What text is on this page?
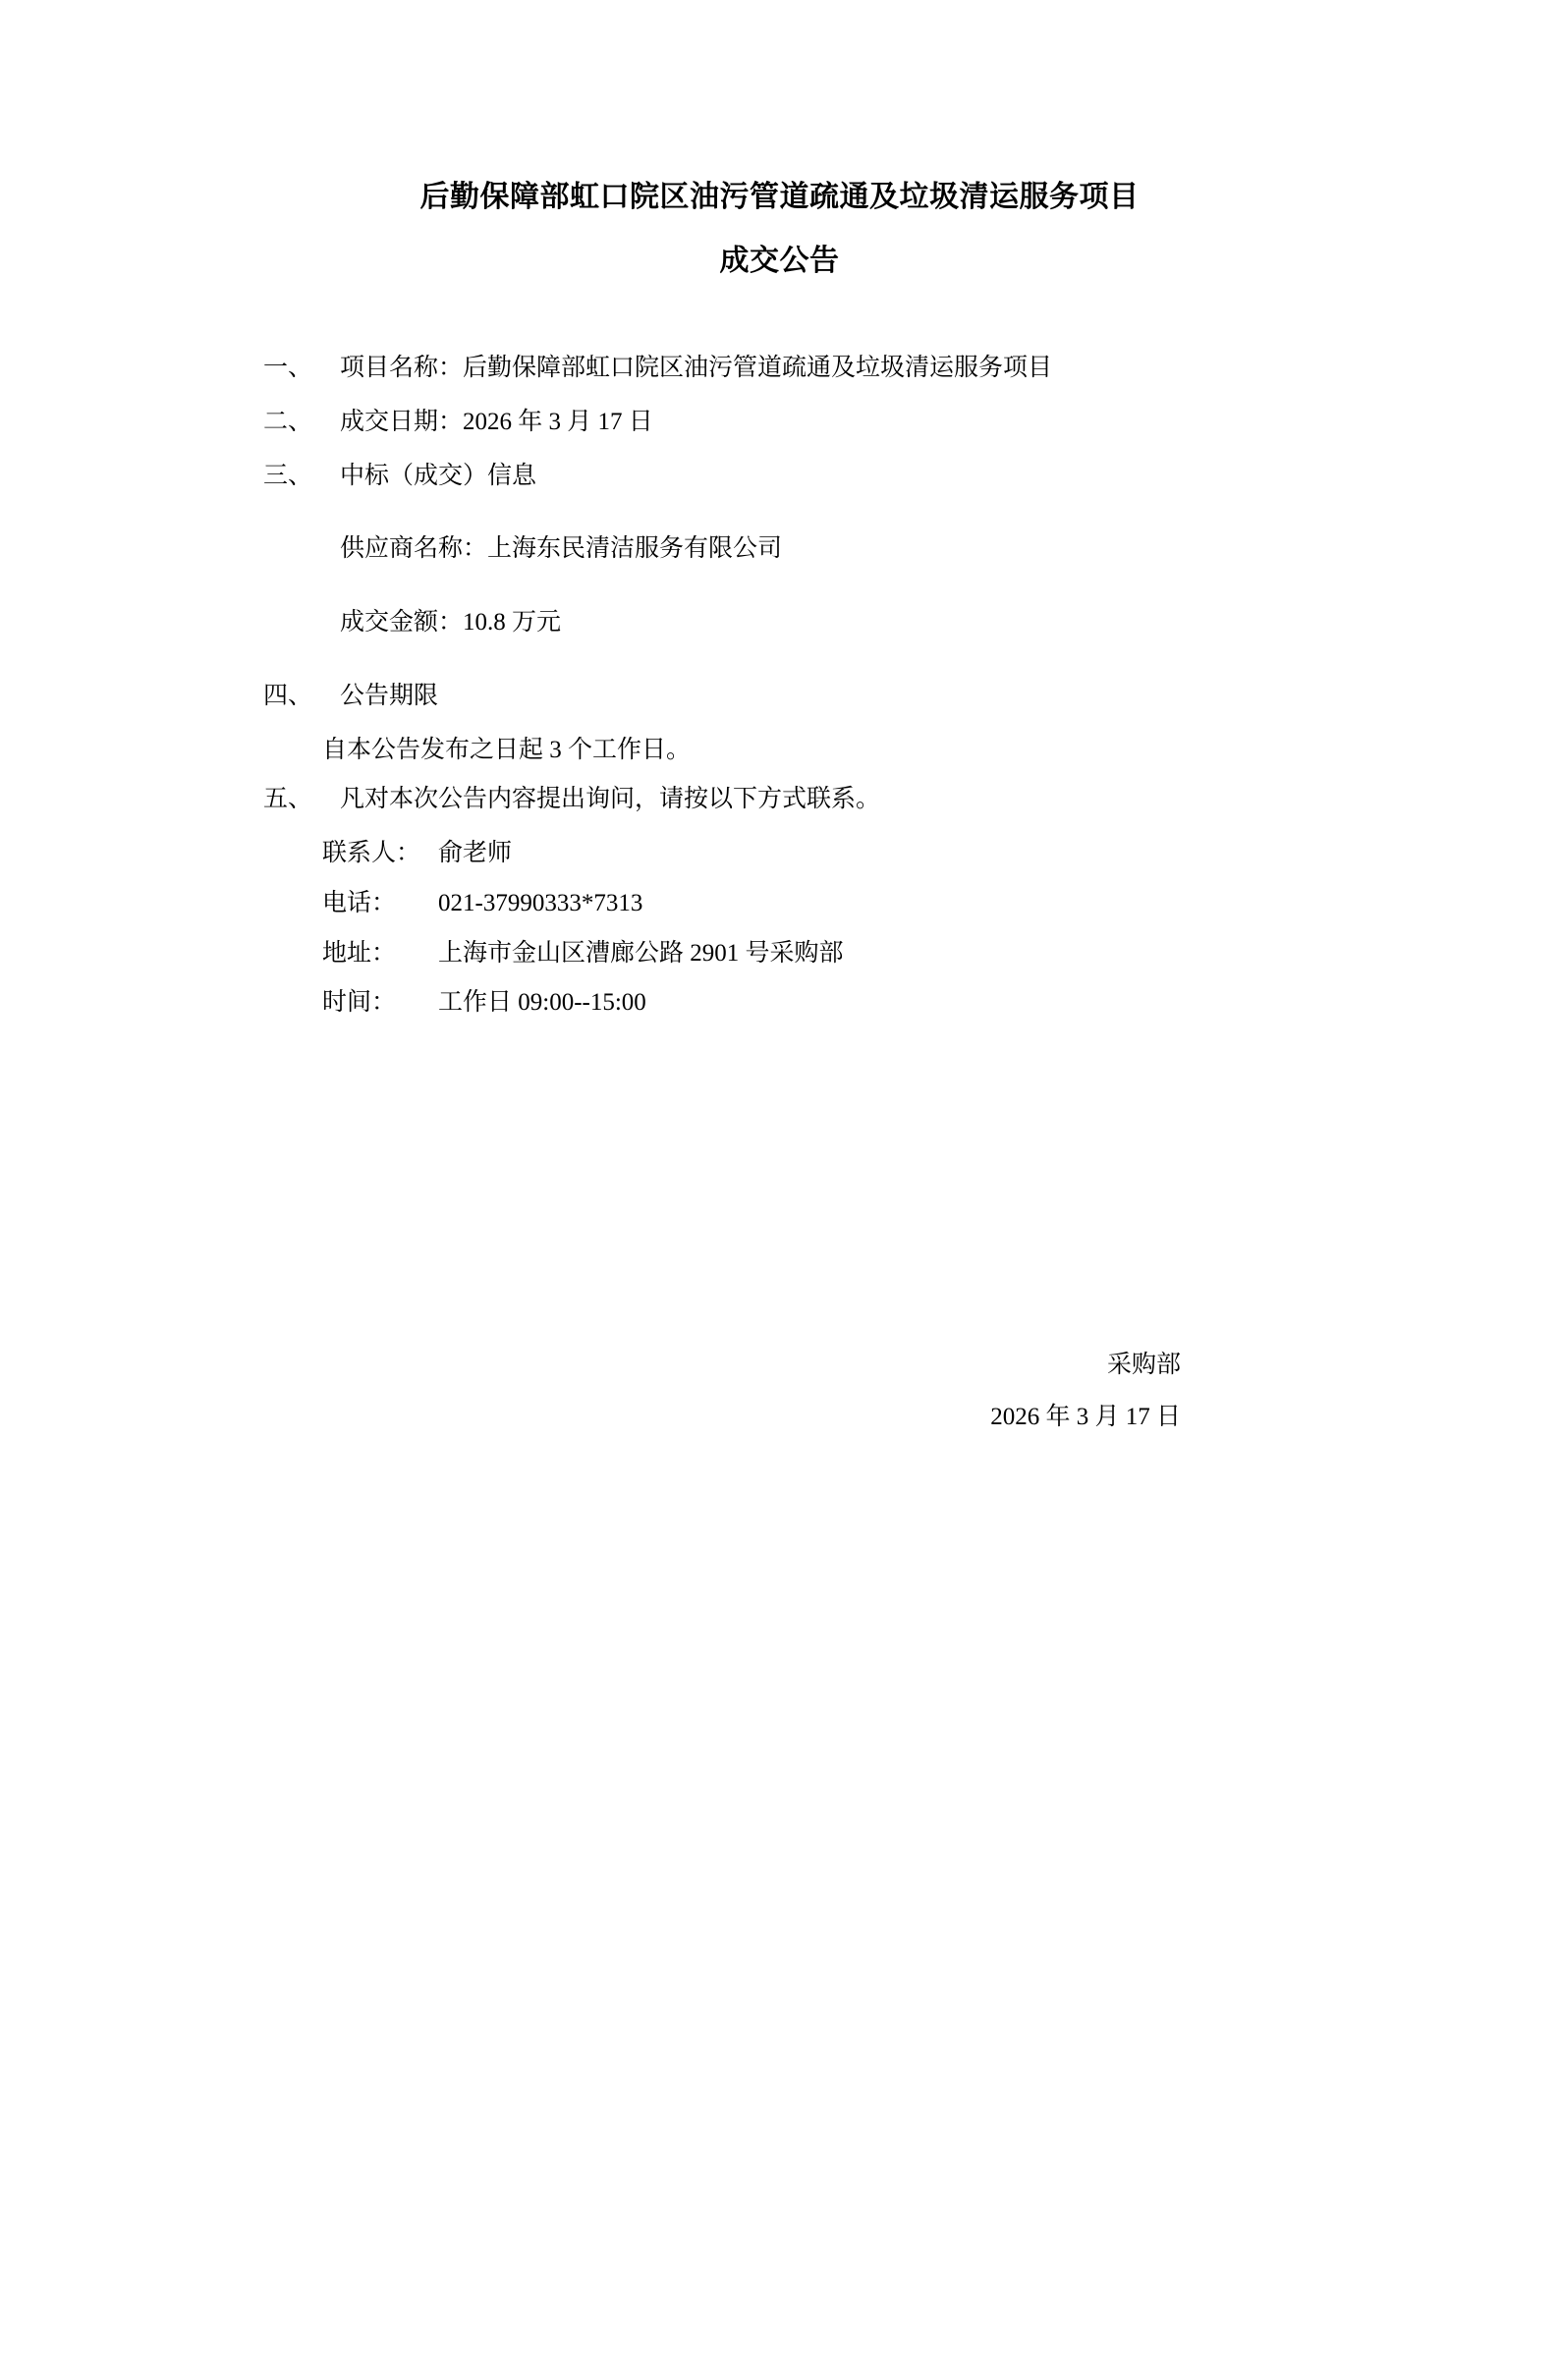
后勤保障部虹口院区油污管道疏通及垃圾清运服务项目
成交公告
一、	项目名称：后勤保障部虹口院区油污管道疏通及垃圾清运服务项目
二、	成交日期：2026 年 3 月 17 日
三、	中标（成交）信息
供应商名称：上海东民清洁服务有限公司
成交金额：10.8 万元
四、	公告期限
自本公告发布之日起 3 个工作日。
五、	凡对本次公告内容提出询问，请按以下方式联系。
联系人： 俞老师
电话：	021-37990333*7313
地址：	上海市金山区漕廊公路 2901 号采购部
时间：	工作日 09:00--15:00
采购部
2026 年 3 月 17 日
